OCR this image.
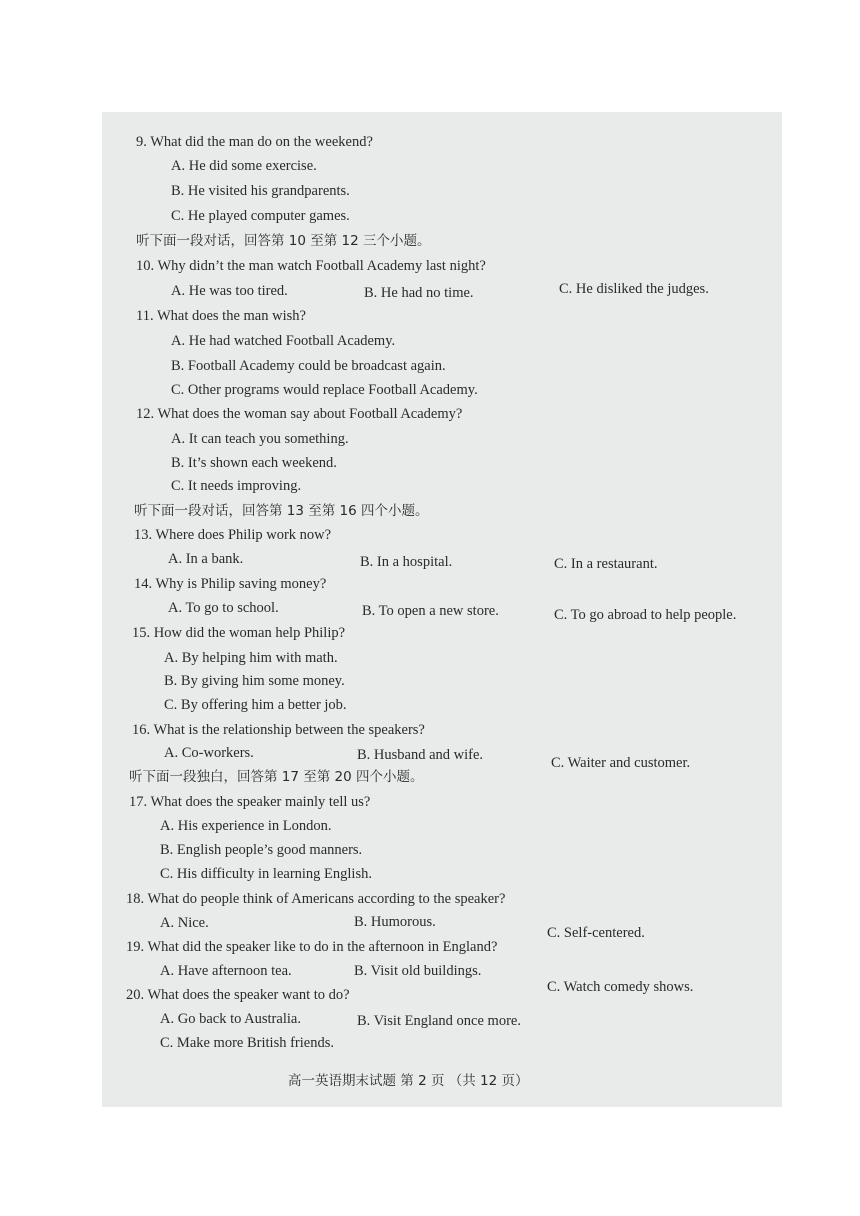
9. What did the man do on the weekend?
A. He did some exercise.
B. He visited his grandparents.
C. He played computer games.
听下面一段对话，回答第 10 至第 12 三个小题。
10. Why didn’t the man watch Football Academy last night?
A. He was too tired.	B. He had no time.	C. He disliked the judges.
11. What does the man wish?
A. He had watched Football Academy.
B. Football Academy could be broadcast again.
C. Other programs would replace Football Academy.
12. What does the woman say about Football Academy?
A. It can teach you something.
B. It’s shown each weekend.
C. It needs improving.
听下面一段对话，回答第 13 至第 16 四个小题。
13. Where does Philip work now?
A. In a bank.	B. In a hospital.	C. In a restaurant.
14. Why is Philip saving money?
A. To go to school.	B. To open a new store.	C. To go abroad to help people.
15. How did the woman help Philip?
A. By helping him with math.
B. By giving him some money.
C. By offering him a better job.
16. What is the relationship between the speakers?
A. Co-workers.	B. Husband and wife.	C. Waiter and customer.
听下面一段独白，回答第 17 至第 20 四个小题。
17. What does the speaker mainly tell us?
A. His experience in London.
B. English people’s good manners.
C. His difficulty in learning English.
18. What do people think of Americans according to the speaker?
A. Nice.	B. Humorous.
C. Self-centered.
19. What did the speaker like to do in the afternoon in England?
A. Have afternoon tea.	B. Visit old buildings.
C. Watch comedy shows.
20. What does the speaker want to do?
A. Go back to Australia.	B. Visit England once more.
C. Make more British friends.
高一英语期末试题 第 2 页 （共 12 页）
